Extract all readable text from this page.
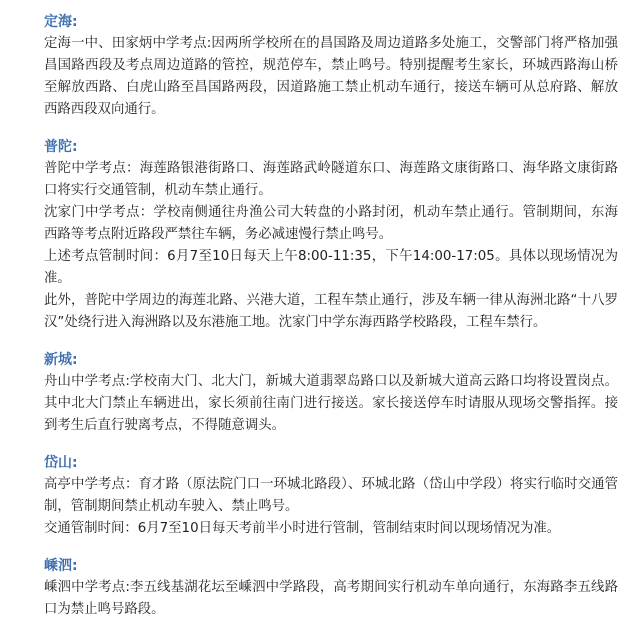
定海:

定海一中、田家炳中学考点:因两所学校所在的昌国路及周边道路多处施工，交警部门将严格加强昌国路西段及考点周边道路的管控，规范停车，禁止鸣号。特别提醒考生家长，环城西路海山桥至解放西路、白虎山路至昌国路两段，因道路施工禁止机动车通行，接送车辆可从总府路、解放西路西段双向通行。

普陀:

普陀中学考点：海莲路银港街路口、海莲路武岭隧道东口、海莲路文康街路口、海华路文康街路口将实行交通管制，机动车禁止通行。

沈家门中学考点：学校南侧通往舟渔公司大转盘的小路封闭，机动车禁止通行。管制期间，东海西路等考点附近路段严禁往车辆，务必减速慢行禁止鸣号。

上述考点管制时间：6月7至10日每天上午8:00-11:35，下午14:00-17:05。具体以现场情况为准。

此外，普陀中学周边的海莲北路、兴港大道，工程车禁止通行，涉及车辆一律从海洲北路“十八罗汉”处绕行进入海洲路以及东港施工地。沈家门中学东海西路学校路段，工程车禁行。

新城:

舟山中学考点:学校南大门、北大门，新城大道翡翠岛路口以及新城大道高云路口均将设置岗点。其中北大门禁止车辆进出，家长须前往南门进行接送。家长接送停车时请服从现场交警指挥。接到考生后直行驶离考点，不得随意调头。

岱山:

高亭中学考点：育才路（原法院门口一环城北路段）、环城北路（岱山中学段）将实行临时交通管制，管制期间禁止机动车驶入、禁止鸣号。

交通管制时间：6月7至10日每天考前半小时进行管制，管制结束时间以现场情况为准。

嵊泗:

嵊泗中学考点:李五线基湖花坛至嵊泗中学路段，高考期间实行机动车单向通行，东海路李五线路口为禁止鸣号路段。
